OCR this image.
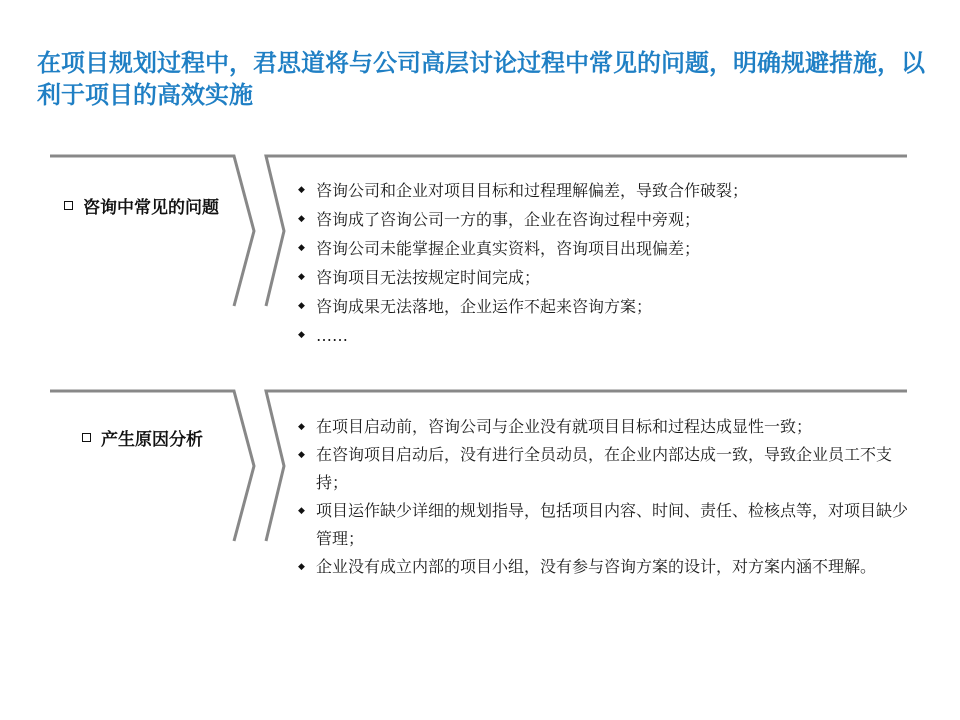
在项目规划过程中，君思道将与公司高层讨论过程中常见的问题，明确规避措施，以利于项目的高效实施
咨询中常见的问题
◆ 咨询公司和企业对项目目标和过程理解偏差，导致合作破裂；
◆ 咨询成了咨询公司一方的事，企业在咨询过程中旁观；
◆ 咨询公司未能掌握企业真实资料，咨询项目出现偏差；
◆ 咨询项目无法按规定时间完成；
◆ 咨询成果无法落地，企业运作不起来咨询方案；
◆ ……
产生原因分析
◆ 在项目启动前，咨询公司与企业没有就项目目标和过程达成显性一致；
◆ 在咨询项目启动后，没有进行全员动员，在企业内部达成一致，导致企业员工不支持；
◆ 项目运作缺少详细的规划指导，包括项目内容、时间、责任、检核点等，对项目缺少管理；
◆ 企业没有成立内部的项目小组，没有参与咨询方案的设计，对方案内涵不理解。
